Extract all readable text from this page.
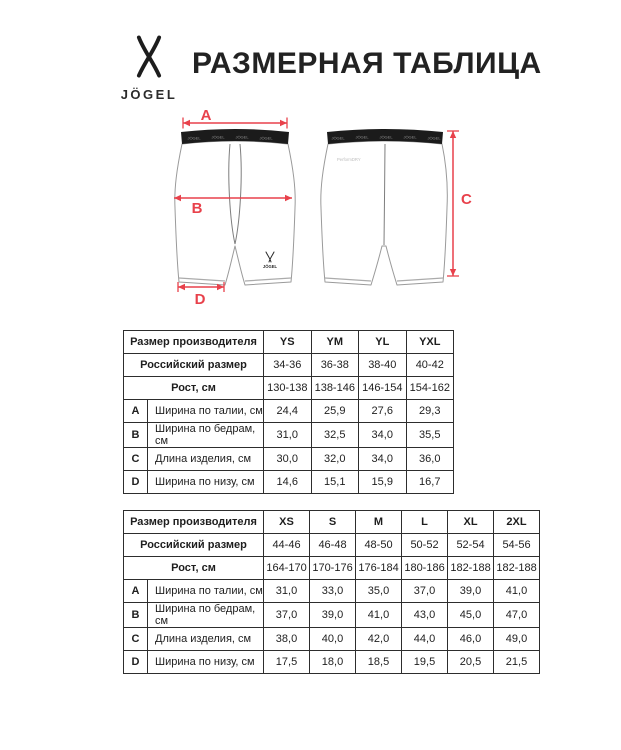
JÖGEL
РАЗМЕРНАЯ ТАБЛИЦА
JÖGEL	JÖGEL	JÖGEL	JÖGEL
JÖGEL
JÖGEL	JÖGEL	JÖGEL	JÖGEL	JÖGEL
PerformDRY
A
B
D
C
Размер производителя		YS	YM	YL	YXL
Российский размер		34-36	36-38	38-40	40-42
Рост, см		130-138	138-146	146-154	154-162
A	Ширина по талии, см	24,4	25,9	27,6	29,3
B	Ширина по бедрам, см	31,0	32,5	34,0	35,5
C	Длина изделия, см	30,0	32,0	34,0	36,0
D	Ширина по низу, см	14,6	15,1	15,9	16,7
Размер производителя		XS	S	M	L	XL	2XL
Российский размер		44-46	46-48	48-50	50-52	52-54	54-56
Рост, см		164-170	170-176	176-184	180-186	182-188	182-188
A	Ширина по талии, см	31,0	33,0	35,0	37,0	39,0	41,0
B	Ширина по бедрам, см	37,0	39,0	41,0	43,0	45,0	47,0
C	Длина изделия, см	38,0	40,0	42,0	44,0	46,0	49,0
D	Ширина по низу, см	17,5	18,0	18,5	19,5	20,5	21,5
